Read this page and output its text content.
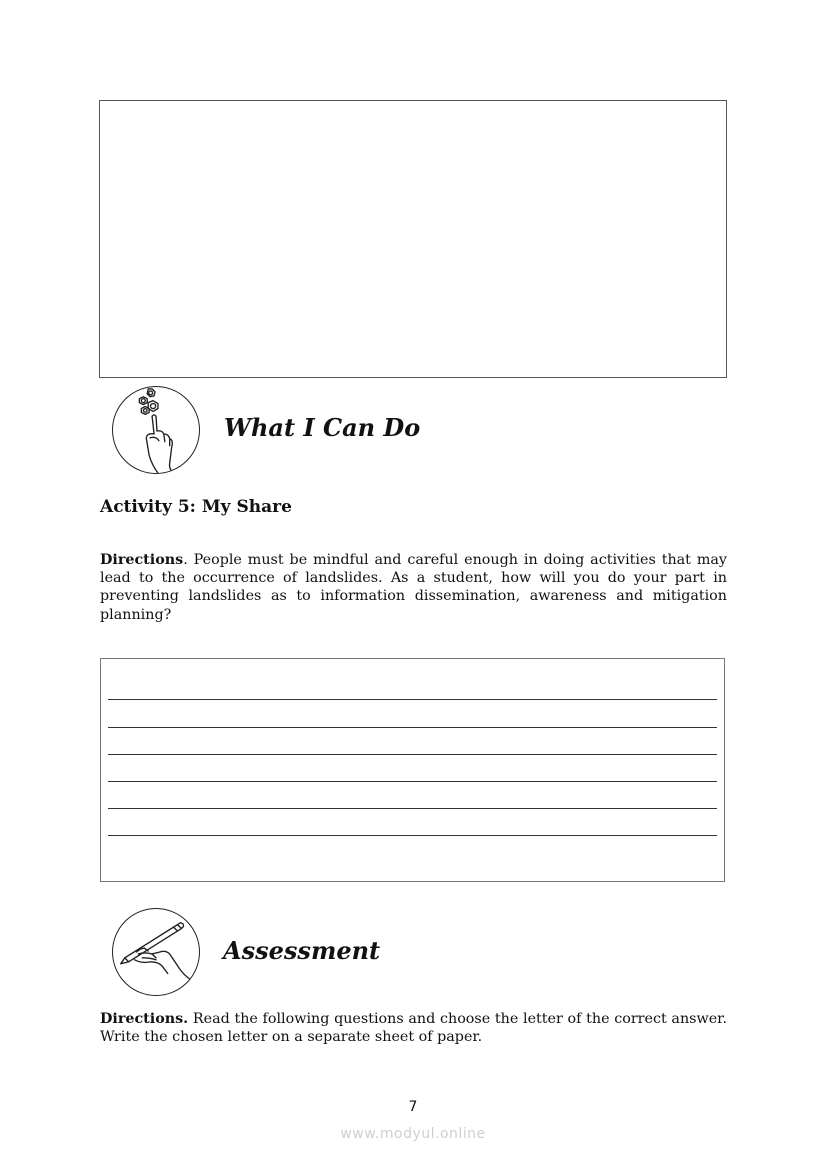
What I Can Do
Activity 5: My Share
Directions. People must be mindful and careful enough in doing activities that may lead to the occurrence of landslides. As a student, how will you do your part in preventing landslides as to information dissemination, awareness and mitigation planning?
Assessment
Directions. Read the following questions and choose the letter of the correct answer. Write the chosen letter on a separate sheet of paper.
7
www.modyul.online
